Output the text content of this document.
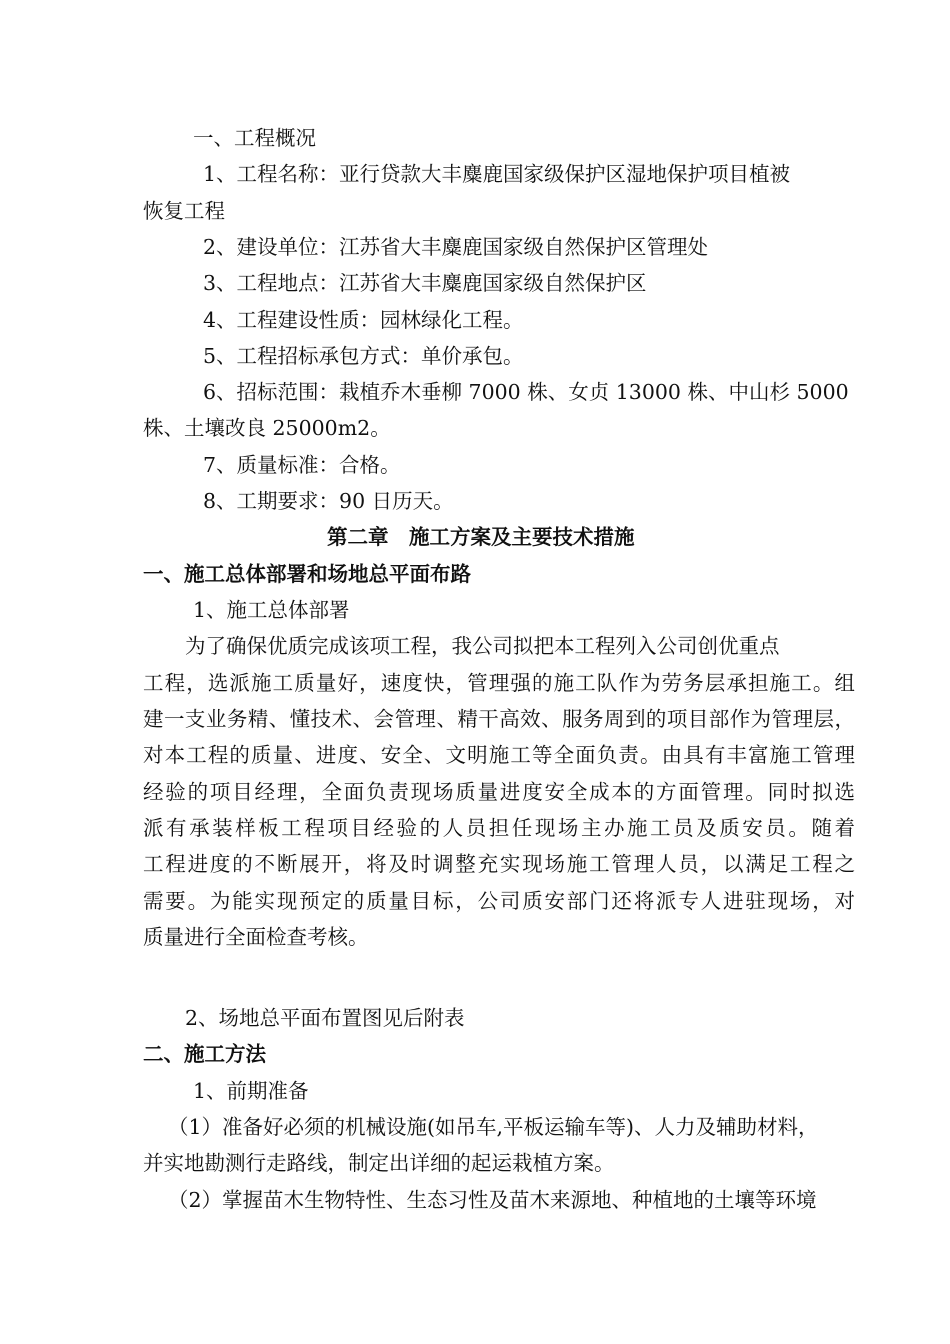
一、工程概况
1、工程名称：亚行贷款大丰麋鹿国家级保护区湿地保护项目植被
恢复工程
2、建设单位：江苏省大丰麋鹿国家级自然保护区管理处
3、工程地点：江苏省大丰麋鹿国家级自然保护区
4、工程建设性质：园林绿化工程。
5、工程招标承包方式：单价承包。
6、招标范围：栽植乔木垂柳 7000 株、女贞 13000 株、中山杉 5000
株、土壤改良 25000m2。
7、质量标准：合格。
8、工期要求：90 日历天。
第二章　施工方案及主要技术措施
一、施工总体部署和场地总平面布路
1、施工总体部署
为了确保优质完成该项工程，我公司拟把本工程列入公司创优重点
工程，选派施工质量好，速度快，管理强的施工队作为劳务层承担施工。组
建一支业务精、懂技术、会管理、精干高效、服务周到的项目部作为管理层，
对本工程的质量、进度、安全、文明施工等全面负责。由具有丰富施工管理
经验的项目经理，全面负责现场质量进度安全成本的方面管理。同时拟选
派有承装样板工程项目经验的人员担任现场主办施工员及质安员。随着
工程进度的不断展开，将及时调整充实现场施工管理人员，以满足工程之
需要。为能实现预定的质量目标，公司质安部门还将派专人进驻现场，对
质量进行全面检查考核。
2、场地总平面布置图见后附表
二、施工方法
1、前期准备
（1）准备好必须的机械设施(如吊车,平板运输车等)、人力及辅助材料，
并实地勘测行走路线，制定出详细的起运栽植方案。
（2）掌握苗木生物特性、生态习性及苗木来源地、种植地的土壤等环境
